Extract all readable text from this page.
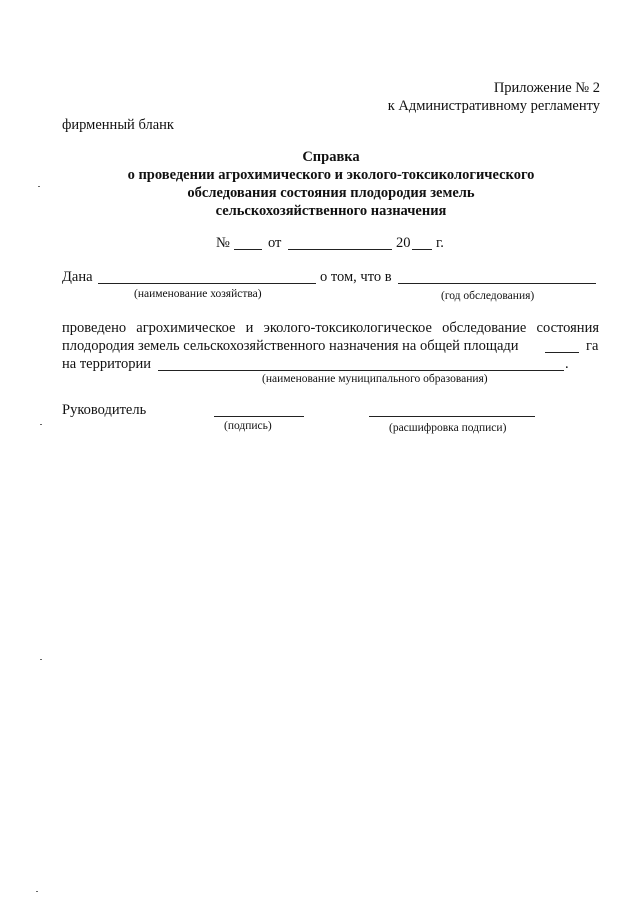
Приложение № 2
к Административному регламенту
фирменный бланк
Справка
о проведении агрохимического и эколого-токсикологического
обследования состояния плодородия земель
сельскохозяйственного назначения
№	от	20 г.
Дана	о том, что в
(наименование хозяйства)	(год обследования)
проведено агрохимическое и эколого-токсикологическое обследование состояния
плодородия земель сельскохозяйственного назначения на общей площади	га
на территории	.
(наименование муниципального образования)
Руководитель
(подпись)	(расшифровка подписи)
